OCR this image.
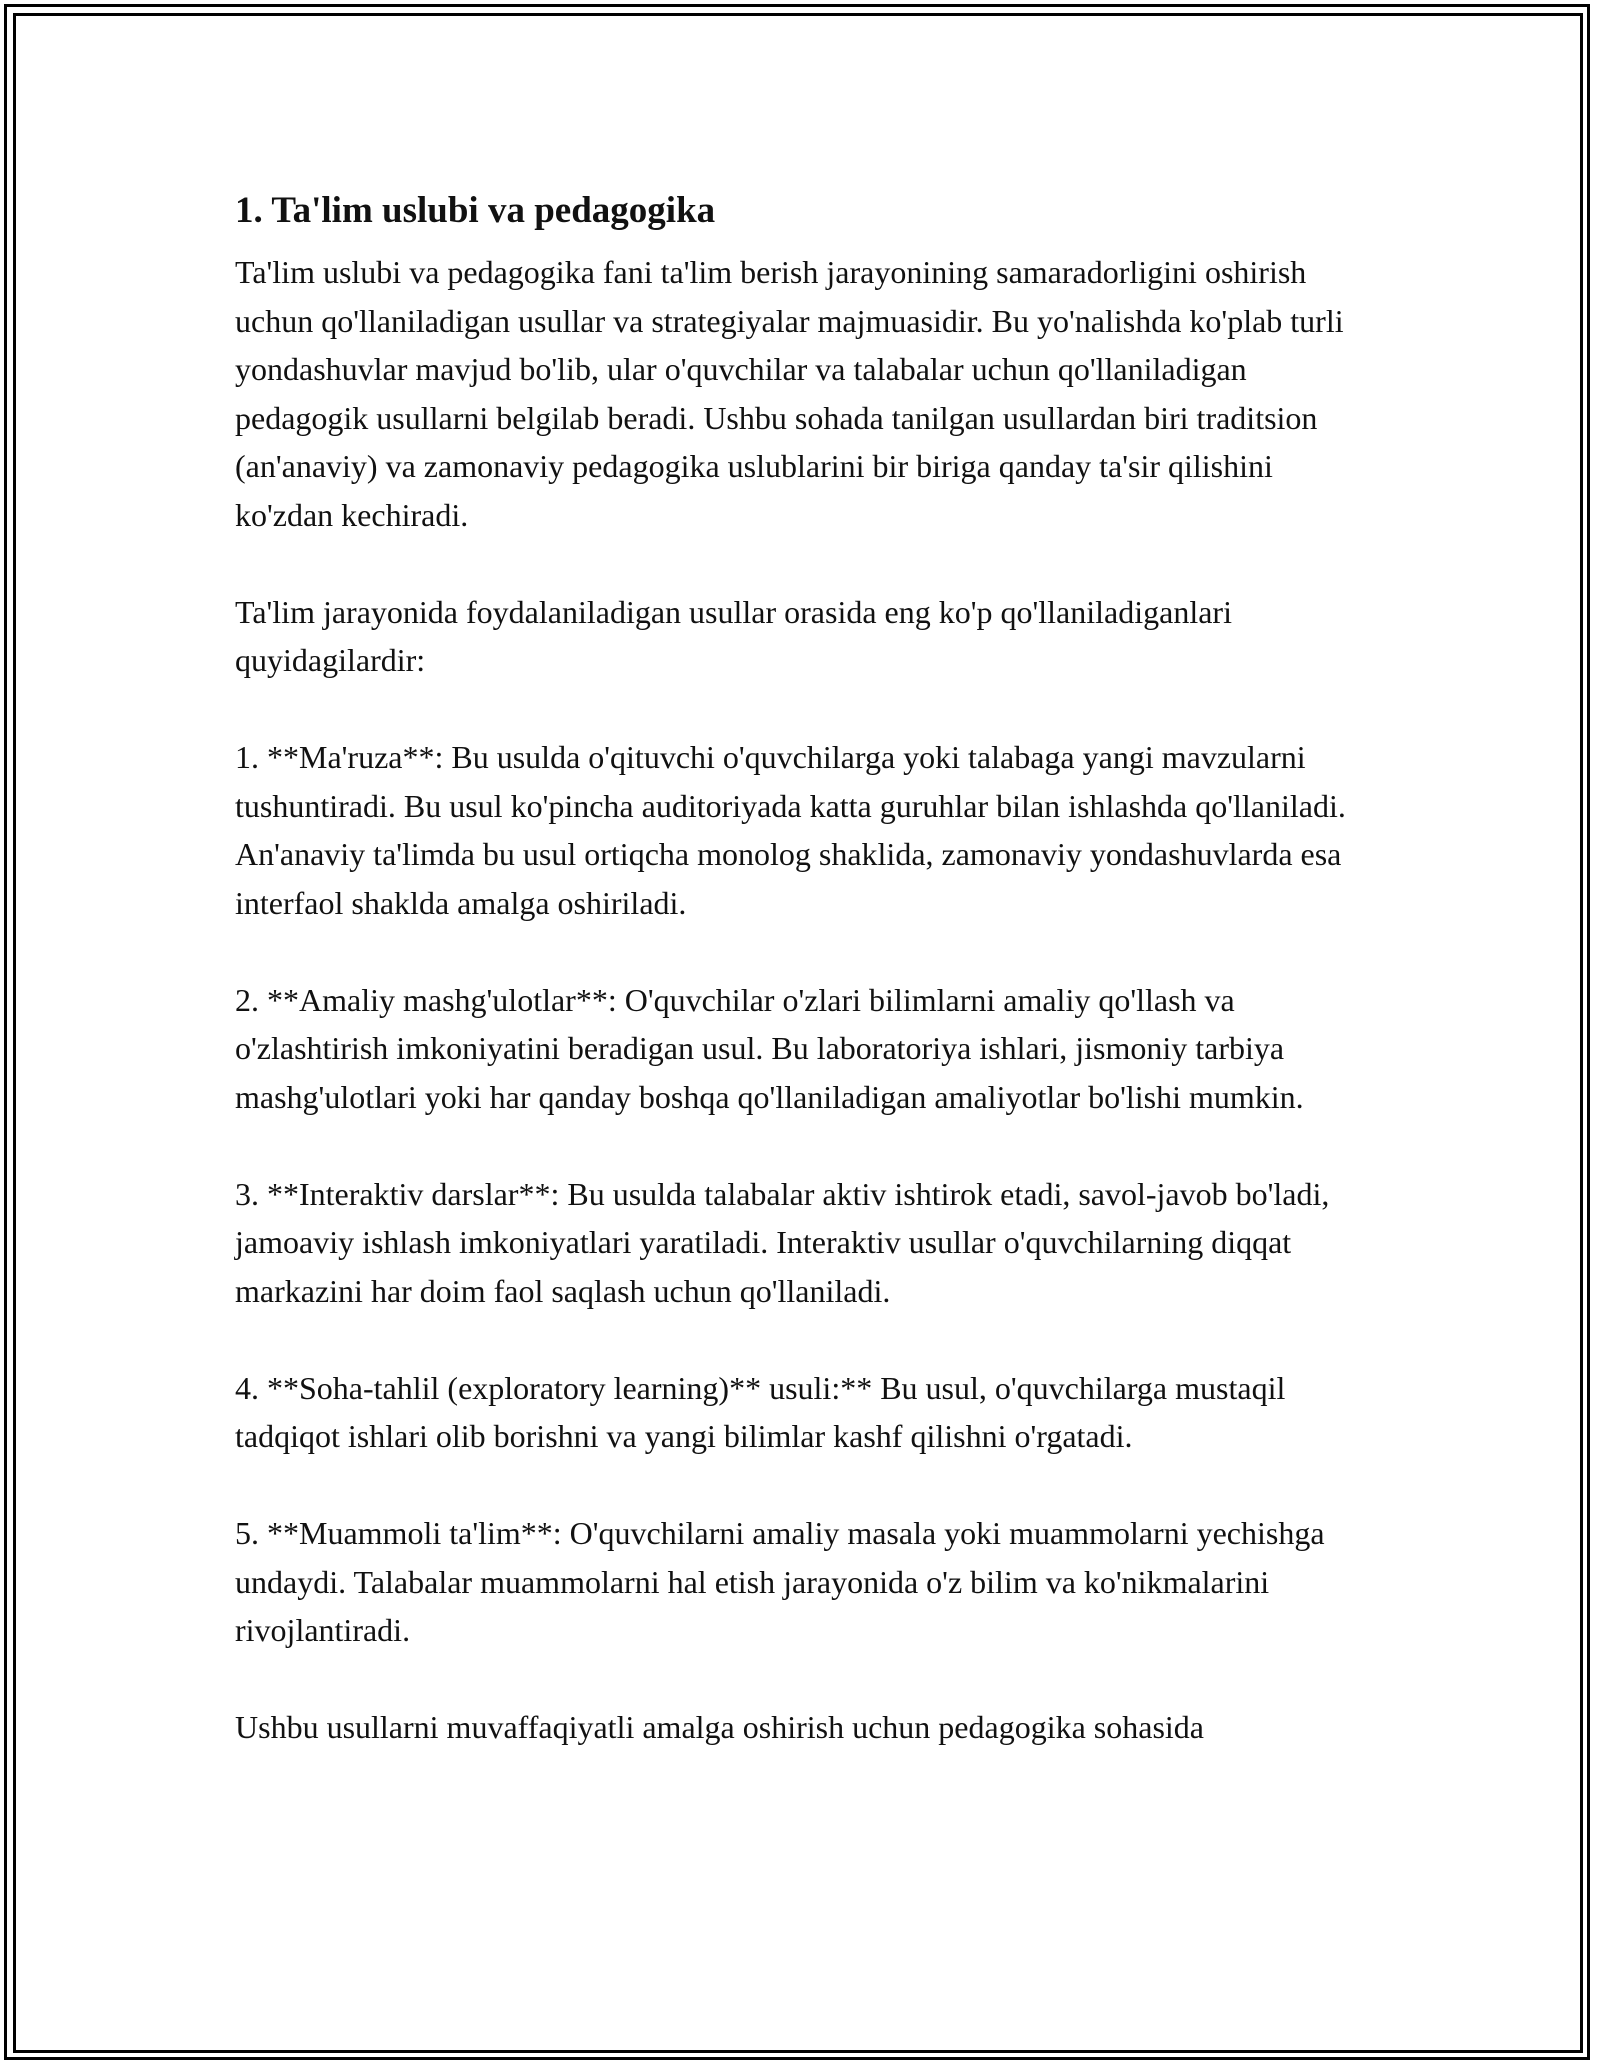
1. Ta'lim uslubi va pedagogika

Ta'lim uslubi va pedagogika fani ta'lim berish jarayonining samaradorligini oshirish uchun qo'llaniladigan usullar va strategiyalar majmuasidir. Bu yo'nalishda ko'plab turli yondashuvlar mavjud bo'lib, ular o'quvchilar va talabalar uchun qo'llaniladigan pedagogik usullarni belgilab beradi. Ushbu sohada tanilgan usullardan biri traditsion (an'anaviy) va zamonaviy pedagogika uslublarini bir biriga qanday ta'sir qilishini ko'zdan kechiradi.

Ta'lim jarayonida foydalaniladigan usullar orasida eng ko'p qo'llaniladiganlari quyidagilardir:

1. **Ma'ruza**: Bu usulda o'qituvchi o'quvchilarga yoki talabaga yangi mavzularni tushuntiradi. Bu usul ko'pincha auditoriyada katta guruhlar bilan ishlashda qo'llaniladi. An'anaviy ta'limda bu usul ortiqcha monolog shaklida, zamonaviy yondashuvlarda esa interfaol shakldа amalga oshiriladi.

2. **Amaliy mashg'ulotlar**: O'quvchilar o'zlari bilimlarni amaliy qo'llash va o'zlashtirish imkoniyatini beradigan usul. Bu laboratoriya ishlari, jismoniy tarbiya mashg'ulotlari yoki har qanday boshqa qo'llaniladigan amaliyotlar bo'lishi mumkin.

3. **Interaktiv darslar**: Bu usulda talabalar aktiv ishtirok etadi, savol-javob bo'ladi, jamoaviy ishlash imkoniyatlari yaratiladi. Interaktiv usullar o'quvchilarning diqqat markazini har doim faol saqlash uchun qo'llaniladi.

4. **Soha-tahlil (exploratory learning)** usuli:** Bu usul, o'quvchilarga mustaqil tadqiqot ishlari olib borishni va yangi bilimlar kashf qilishni o'rgatadi.

5. **Muammoli ta'lim**: O'quvchilarni amaliy masala yoki muammolarni yechishga undaydi. Talabalar muammolarni hal etish jarayonida o'z bilim va ko'nikmalarini rivojlantiradi.

Ushbu usullarni muvaffaqiyatli amalga oshirish uchun pedagogika sohasida
